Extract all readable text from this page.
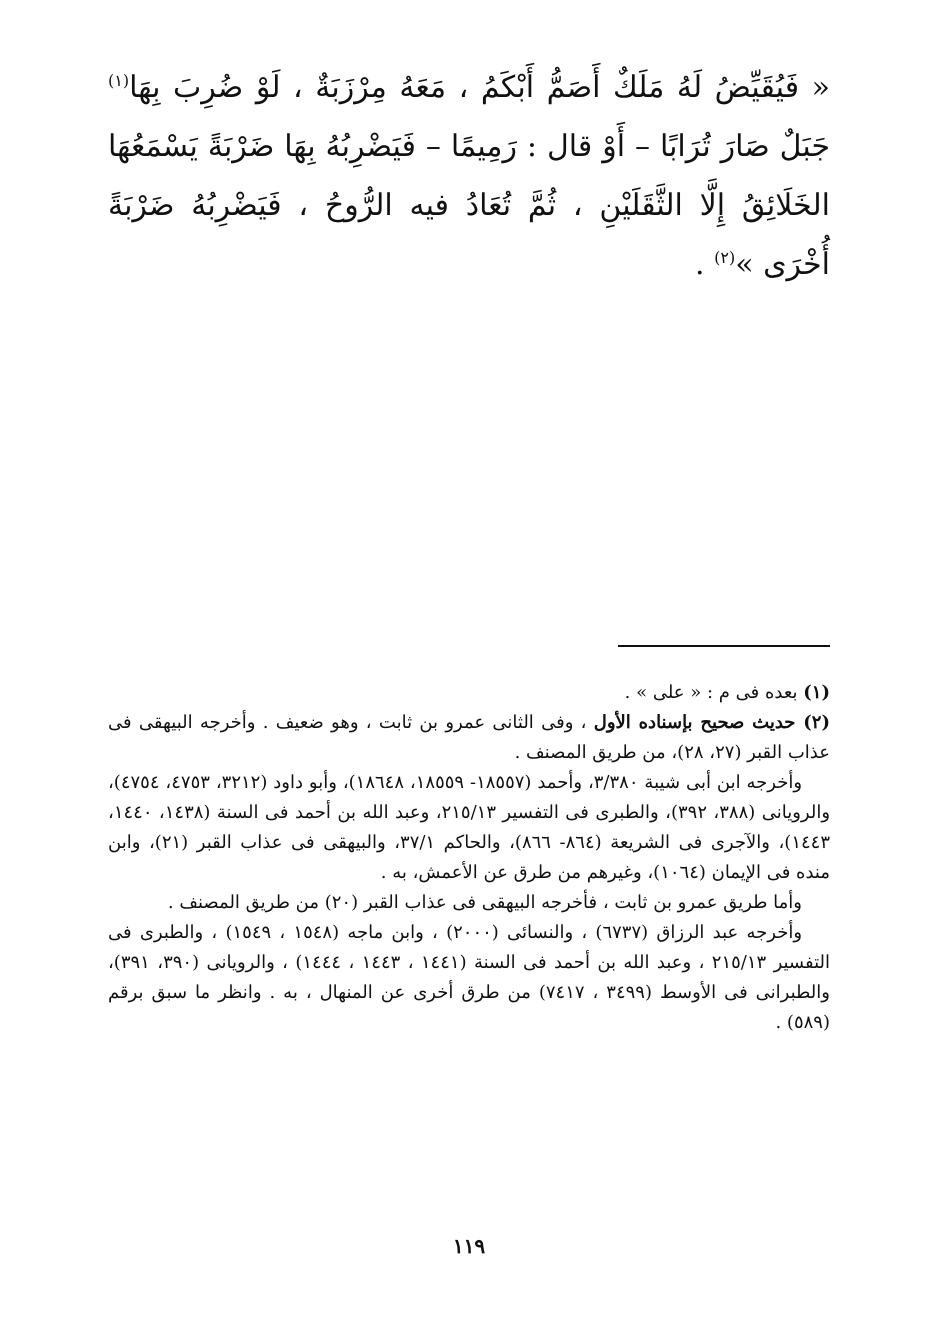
« فَيُقَيِّضُ لَهُ مَلَكٌ أَصَمُّ أَبْكَمُ ، مَعَهُ مِرْزَبَةٌ ، لَوْ ضُرِبَ بِهَا$^{(١)}$ جَبَلٌ صَارَ تُرَابًا – أَوْ قال : رَمِيمًا – فَيَضْرِبُهُ بِهَا ضَرْبَةً يَسْمَعُهَا الخَلَائِقُ إِلَّا الثَّقَلَيْنِ ، ثُمَّ تُعَادُ فيه الرُّوحُ ، فَيَضْرِبُهُ ضَرْبَةً أُخْرَى »$^{(٢)}$ .

(١) بعده فى م : « على » .

(٢) حديث صحيح بإسناده الأول ، وفى الثانى عمرو بن ثابت ، وهو ضعيف . وأخرجه البيهقى فى عذاب القبر (٢٧، ٢٨)، من طريق المصنف .

وأخرجه ابن أبى شيبة ٣/٣٨٠، وأحمد (١٨٥٥٧- ١٨٥٥٩، ١٨٦٤٨)، وأبو داود (٣٢١٢، ٤٧٥٣، ٤٧٥٤)، والرويانى (٣٨٨، ٣٩٢)، والطبرى فى التفسير ٢١٥/١٣، وعبد الله بن أحمد فى السنة (١٤٣٨، ١٤٤٠، ١٤٤٣)، والآجرى فى الشريعة (٨٦٤- ٨٦٦)، والحاكم ٣٧/١، والبيهقى فى عذاب القبر (٢١)، وابن منده فى الإيمان (١٠٦٤)، وغيرهم من طرق عن الأعمش، به .

وأما طريق عمرو بن ثابت ، فأخرجه البيهقى فى عذاب القبر (٢٠) من طريق المصنف .

وأخرجه عبد الرزاق (٦٧٣٧) ، والنسائى (٢٠٠٠) ، وابن ماجه (١٥٤٨ ، ١٥٤٩) ، والطبرى فى التفسير ٢١٥/١٣ ، وعبد الله بن أحمد فى السنة (١٤٤١ ، ١٤٤٣ ، ١٤٤٤) ، والرويانى (٣٩٠، ٣٩١)، والطبرانى فى الأوسط (٣٤٩٩ ، ٧٤١٧) من طرق أخرى عن المنهال ، به . وانظر ما سبق برقم (٥٨٩) .

١١٩
